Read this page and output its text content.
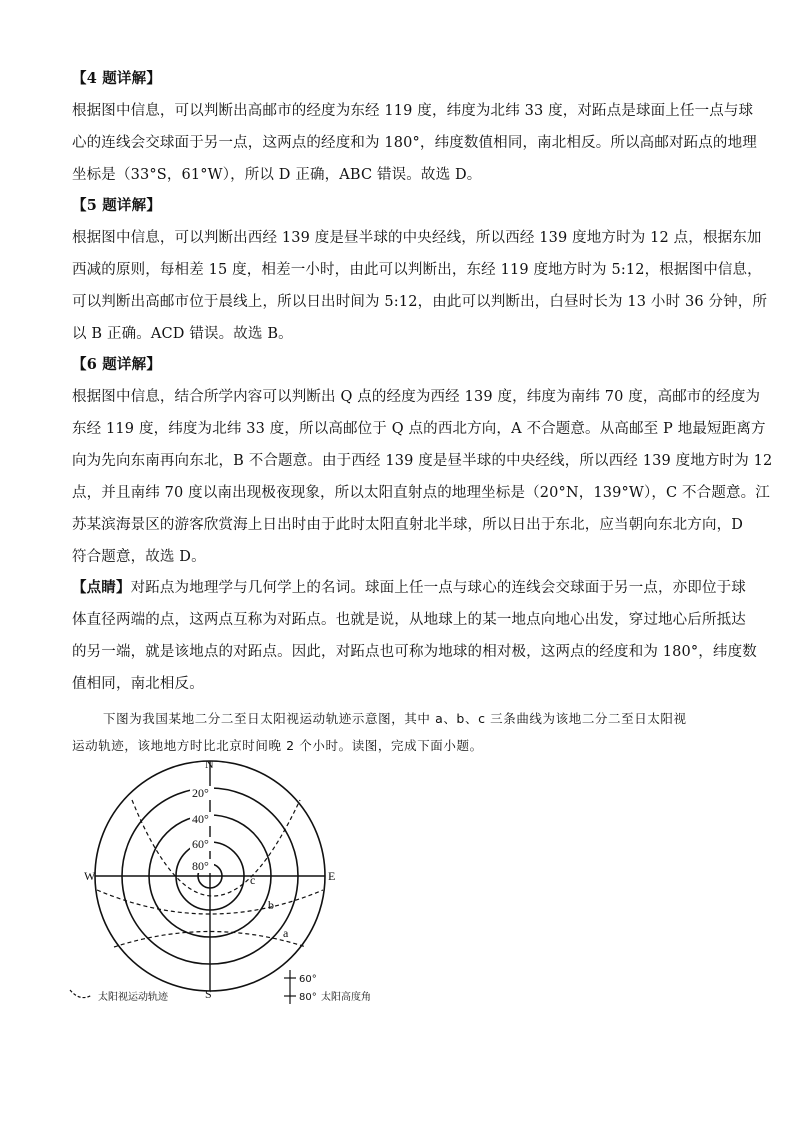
【4 题详解】
根据图中信息，可以判断出高邮市的经度为东经 119 度，纬度为北纬 33 度，对跖点是球面上任一点与球
心的连线会交球面于另一点，这两点的经度和为 180°，纬度数值相同，南北相反。所以高邮对跖点的地理
坐标是（33°S，61°W），所以 D 正确，ABC 错误。故选 D。
【5 题详解】
根据图中信息，可以判断出西经 139 度是昼半球的中央经线，所以西经 139 度地方时为 12 点，根据东加
西减的原则，每相差 15 度，相差一小时，由此可以判断出，东经 119 度地方时为 5:12，根据图中信息，
可以判断出高邮市位于晨线上，所以日出时间为 5:12，由此可以判断出，白昼时长为 13 小时 36 分钟，所
以 B 正确。ACD 错误。故选 B。
【6 题详解】
根据图中信息，结合所学内容可以判断出 Q 点的经度为西经 139 度，纬度为南纬 70 度，高邮市的经度为
东经 119 度，纬度为北纬 33 度，所以高邮位于 Q 点的西北方向，A 不合题意。从高邮至 P 地最短距离方
向为先向东南再向东北，B 不合题意。由于西经 139 度是昼半球的中央经线，所以西经 139 度地方时为 12
点，并且南纬 70 度以南出现极夜现象，所以太阳直射点的地理坐标是（20°N，139°W），C 不合题意。江
苏某滨海景区的游客欣赏海上日出时由于此时太阳直射北半球，所以日出于东北，应当朝向东北方向，D
符合题意，故选 D。
【点睛】对跖点为地理学与几何学上的名词。球面上任一点与球心的连线会交球面于另一点，亦即位于球
体直径两端的点，这两点互称为对跖点。也就是说，从地球上的某一地点向地心出发，穿过地心后所抵达
的另一端，就是该地点的对跖点。因此，对跖点也可称为地球的相对极，这两点的经度和为 180°，纬度数
值相同，南北相反。
下图为我国某地二分二至日太阳视运动轨迹示意图，其中 a、b、c 三条曲线为该地二分二至日太阳视
运动轨迹，该地地方时比北京时间晚 2 个小时。读图，完成下面小题。
N
S
W	E
20°
40°
60°
80°
a
b
c
太阳视运动轨迹
60°
80° 太阳高度角
